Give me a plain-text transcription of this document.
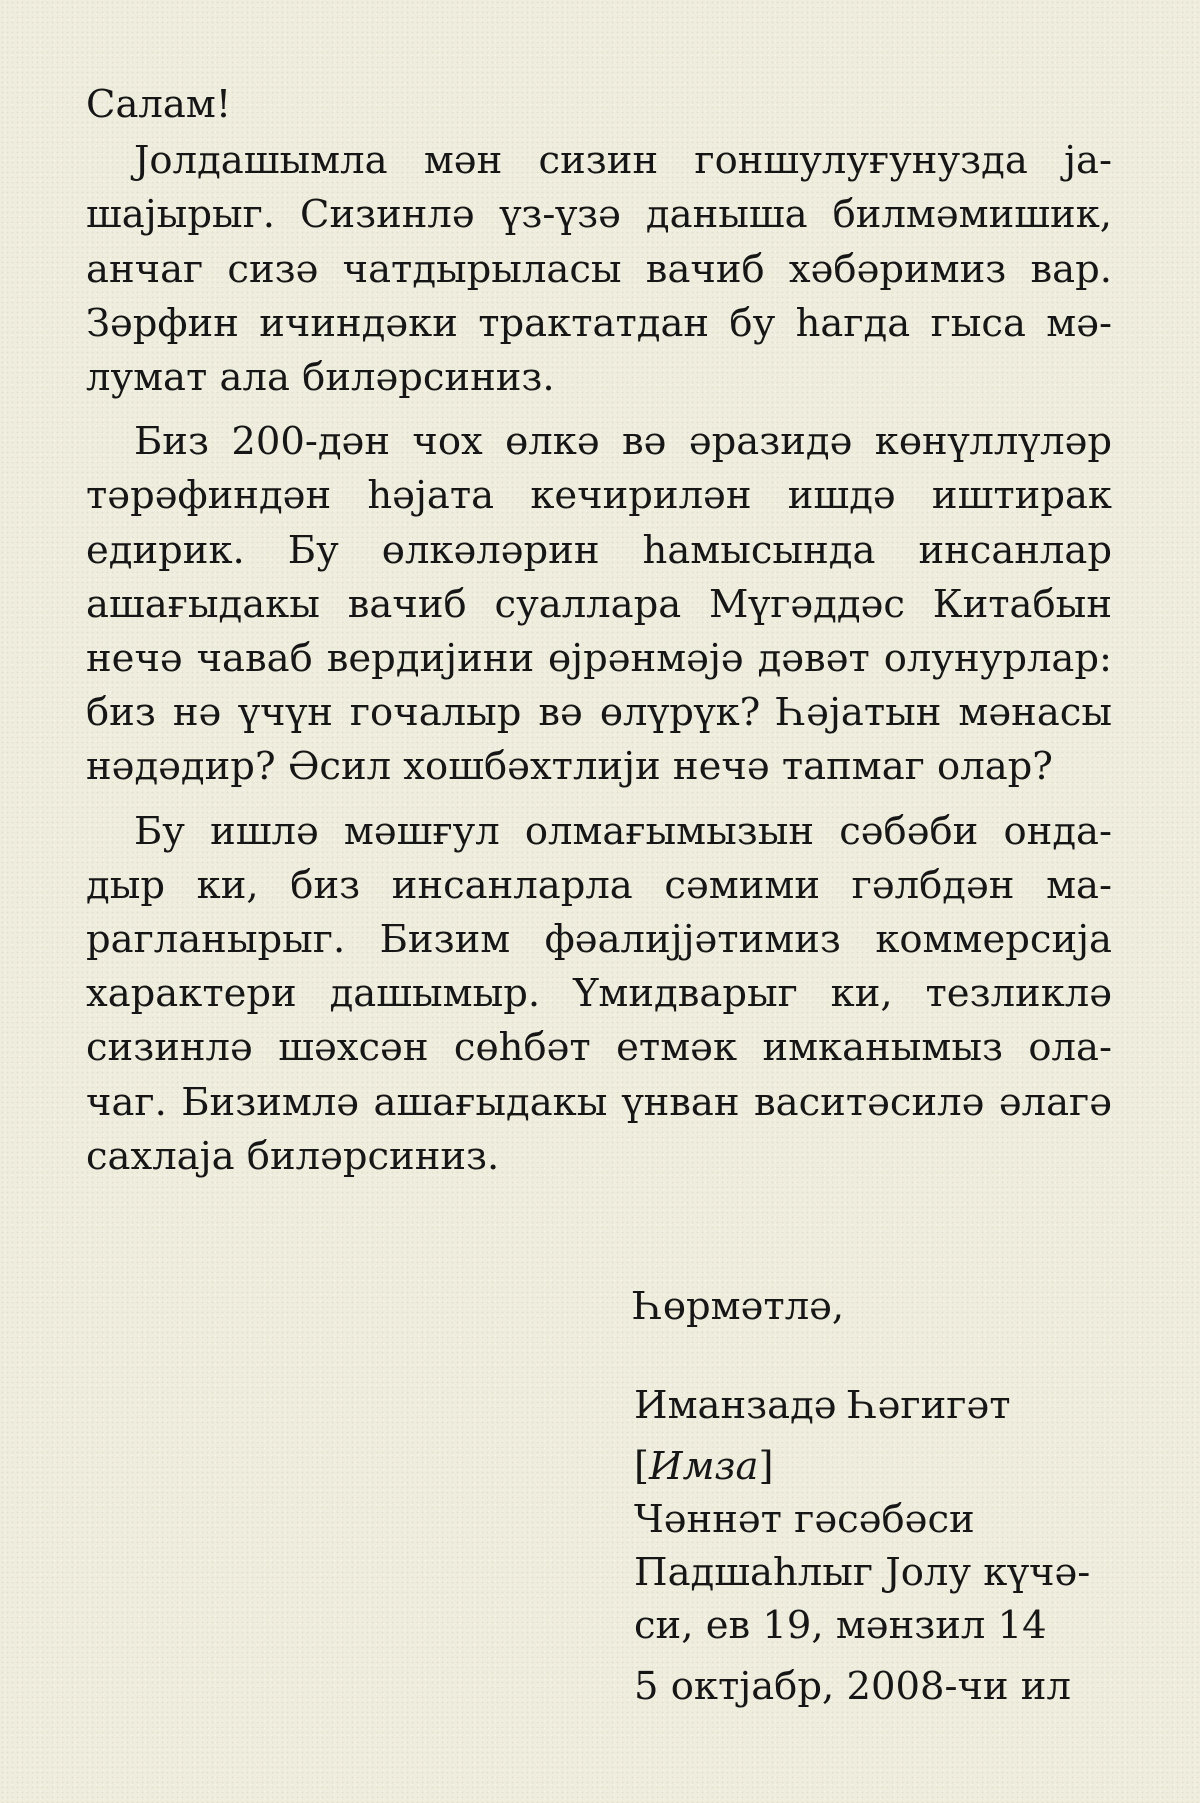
Салам!

Јолдашымла мән сизин гоншулуғунузда јашајырыг. Сизинлә үз-үзә даныша билмәмишик, анчаг сизә чатдырыласы вачиб хәбәримиз вар. Зәрфин ичиндәки трактатдан бу һагда гыса мәлумат ала биләрсиниз.

Биз 200-дән чох өлкә вә әразидә көнүллүләр тәрәфиндән һәјата кечирилән ишдә иштирак едирик. Бу өлкәләрин һамысында инсанлар ашағыдакы вачиб суаллара Мүгәддәс Китабын нечә чаваб вердијини өјрәнмәјә дәвәт олунурлар: биз нә үчүн гочалыр вә өлүрүк? Һәјатын мәнасы нәдәдир? Әсил хошбәхтлији нечә тапмаг олар?

Бу ишлә мәшғул олмағымызын сәбәби ондадыр ки, биз инсанларла сәмими гәлбдән марагланырыг. Бизим фәалијјәтимиз коммерсија характери дашымыр. Үмидварыг ки, тезликлә сизинлә шәхсән сөһбәт етмәк имканымыз олачаг. Бизимлә ашағыдакы үнван васитәсилә әлагә сахлаја биләрсиниз.

Һөрмәтлә,

Иманзадә Һәгигәт

[Имза]

Чәннәт гәсәбәси

Падшаһлыг Јолу күчә-

си, ев 19, мәнзил 14

5 октјабр, 2008-чи ил
